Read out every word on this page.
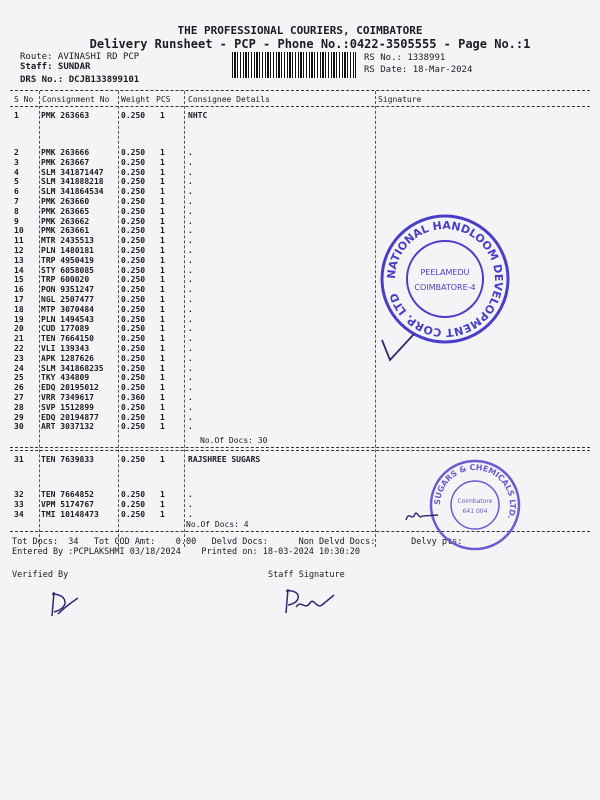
THE PROFESSIONAL COURIERS, COIMBATORE
Delivery Runsheet - PCP - Phone No.:0422-3505555 - Page No.:1
Route: AVINASHI RD PCP
Staff: SUNDAR
DRS No.: DCJB133899101
RS No.: 1338991
RS Date: 18-Mar-2024
S No Consignment No Weight PCS Consignee Details	Signature
1	PMK 263663	0.250 1	NHTC
2	PMK 263666	0.250 1	.
3	PMK 263667	0.250 1	.
4	SLM 341871447 0.250 1	.
5	SLM 341888218 0.250 1	.
6	SLM 341864534 0.250 1	.
7	PMK 263660	0.250 1	.
8	PMK 263665	0.250 1	.
9	PMK 263662	0.250 1	.
10 PMK 263661	0.250 1	.
11 MTR 2435513	0.250 1	.
12 PLN 1480181	0.250 1	.
13 TRP 4950419	0.250 1	.
14 STY 6058085	0.250 1	.
15 TRP 600020	0.250 1	.
16 PON 9351247	0.250 1	.
17 NGL 2507477	0.250 1	.
18 MTP 3070484	0.250 1	.
19 PLN 1494543	0.250 1	.
20 CUD 177089	0.250 1	.
21 TEN 7664150	0.250 1	.
22 VLI 139343	0.250 1	.
23 APK 1287626	0.250 1	.
24 SLM 341868235 0.250 1	.
25 TKY 434809	0.250 1	.
26 EDQ 20195012	0.250 1	.
27 VRR 7349617	0.360 1	.
28 SVP 1512899	0.250 1	.
29 EDQ 20194877	0.250 1	.
30 ART 3037132	0.250 1	.
31 TEN 7639833	0.250 1	RAJSHREE SUGARS
32 TEN 7664852	0.250 1	.
33 VPM 5174767	0.250 1	.
34 TMI 10148473	0.250 1	.
No.Of Docs: 30
No.Of Docs: 4
Tot Docs:  34   Tot COD Amt:    0.00   Delvd Docs:      Non Delvd Docs:       Delvy pts:
Entered By :PCPLAKSHMI 03/18/2024    Printed on: 18-03-2024 10:30:20
Verified By	Staff Signature
NATIONAL HANDLOOM DEVELOPMENT CORP. LTD
PEELAMEDU
COIMBATORE-4
SUGARS & CHEMICALS LTD.
Coimbatore
641 004
